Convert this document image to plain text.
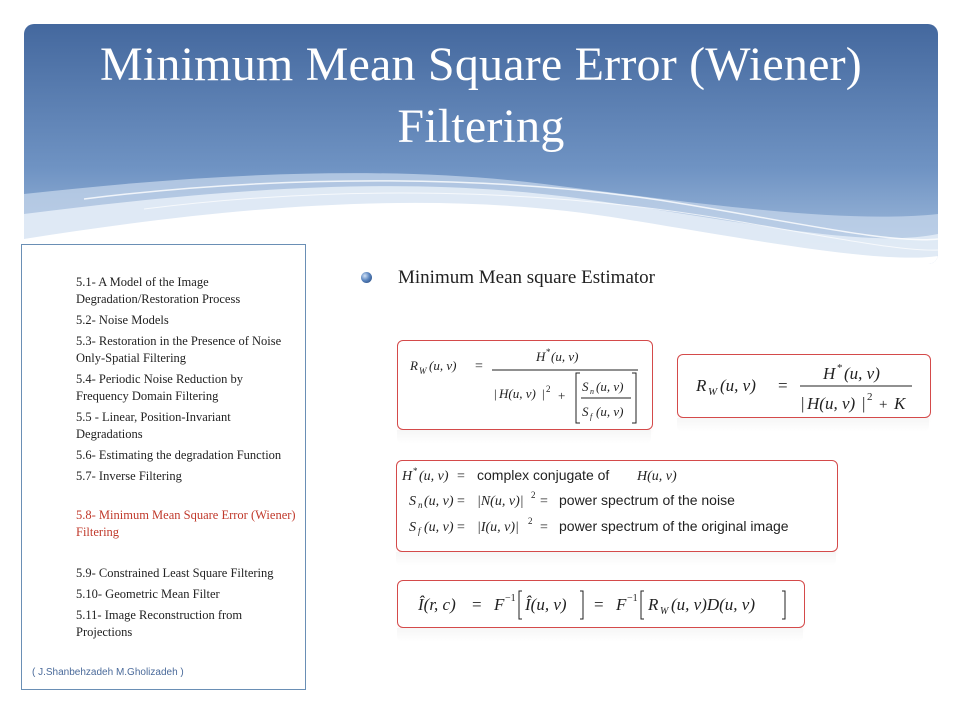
Minimum Mean Square Error (Wiener)
Filtering
5.1- A Model of the Image Degradation/Restoration Process
5.2- Noise Models
5.3- Restoration in the Presence of Noise Only-Spatial Filtering
5.4- Periodic Noise Reduction by Frequency Domain Filtering
5.5 - Linear, Position-Invariant Degradations
5.6- Estimating the degradation Function
5.7- Inverse Filtering
5.8- Minimum Mean Square Error (Wiener) Filtering
5.9- Constrained Least Square Filtering
5.10- Geometric Mean Filter
5.11- Image Reconstruction from Projections
( J.Shanbehzadeh M.Gholizadeh )
Minimum Mean square Estimator
R W (u, v) =
H * (u, v)
| H(u, v) | 2 +
S n (u, v)
S f (u, v)
R W (u, v) =
H * (u, v)
| H(u, v) | 2 + K
H * (u, v) = complex conjugate of H(u, v)
S n (u, v) = |N(u, v)| 2 = power spectrum of the noise
S f (u, v) = |I(u, v)| 2 = power spectrum of the original image
Î(r, c) = F −1 Î(u, v) = F −1 R W (u, v)D(u, v)
